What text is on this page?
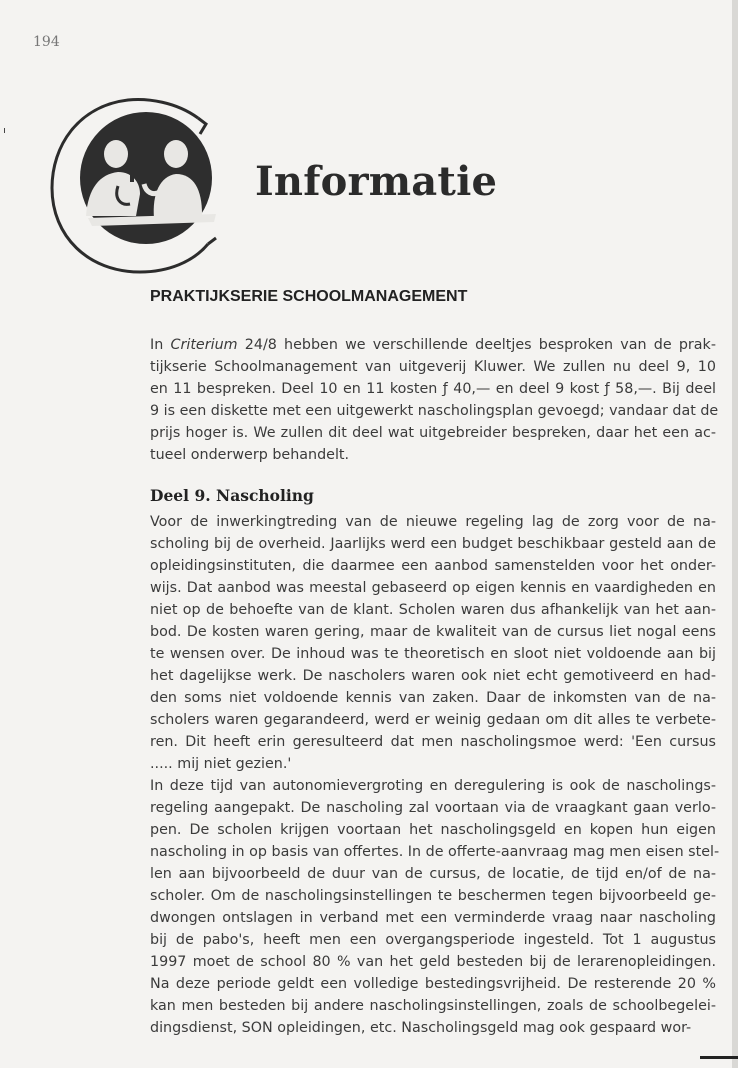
194
Informatie
PRAKTIJKSERIE SCHOOLMANAGEMENT
In Criterium 24/8 hebben we verschillende deeltjes besproken van de prak-
tijkserie Schoolmanagement van uitgeverij Kluwer. We zullen nu deel 9, 10
en 11 bespreken. Deel 10 en 11 kosten ƒ 40,— en deel 9 kost ƒ 58,—. Bij deel
9 is een diskette met een uitgewerkt nascholingsplan gevoegd; vandaar dat de
prijs hoger is. We zullen dit deel wat uitgebreider bespreken, daar het een ac-
tueel onderwerp behandelt.
Deel 9. Nascholing
Voor de inwerkingtreding van de nieuwe regeling lag de zorg voor de na-
scholing bij de overheid. Jaarlijks werd een budget beschikbaar gesteld aan de
opleidingsinstituten, die daarmee een aanbod samenstelden voor het onder-
wijs. Dat aanbod was meestal gebaseerd op eigen kennis en vaardigheden en
niet op de behoefte van de klant. Scholen waren dus afhankelijk van het aan-
bod. De kosten waren gering, maar de kwaliteit van de cursus liet nogal eens
te wensen over. De inhoud was te theoretisch en sloot niet voldoende aan bij
het dagelijkse werk. De nascholers waren ook niet echt gemotiveerd en had-
den soms niet voldoende kennis van zaken. Daar de inkomsten van de na-
scholers waren gegarandeerd, werd er weinig gedaan om dit alles te verbete-
ren. Dit heeft erin geresulteerd dat men nascholingsmoe werd: 'Een cursus
..... mij niet gezien.'
In deze tijd van autonomievergroting en deregulering is ook de nascholings-
regeling aangepakt. De nascholing zal voortaan via de vraagkant gaan verlo-
pen. De scholen krijgen voortaan het nascholingsgeld en kopen hun eigen
nascholing in op basis van offertes. In de offerte-aanvraag mag men eisen stel-
len aan bijvoorbeeld de duur van de cursus, de locatie, de tijd en/of de na-
scholer. Om de nascholingsinstellingen te beschermen tegen bijvoorbeeld ge-
dwongen ontslagen in verband met een verminderde vraag naar nascholing
bij de pabo's, heeft men een overgangsperiode ingesteld. Tot 1 augustus
1997 moet de school 80 % van het geld besteden bij de lerarenopleidingen.
Na deze periode geldt een volledige bestedingsvrijheid. De resterende 20 %
kan men besteden bij andere nascholingsinstellingen, zoals de schoolbegelei-
dingsdienst, SON opleidingen, etc. Nascholingsgeld mag ook gespaard wor-
